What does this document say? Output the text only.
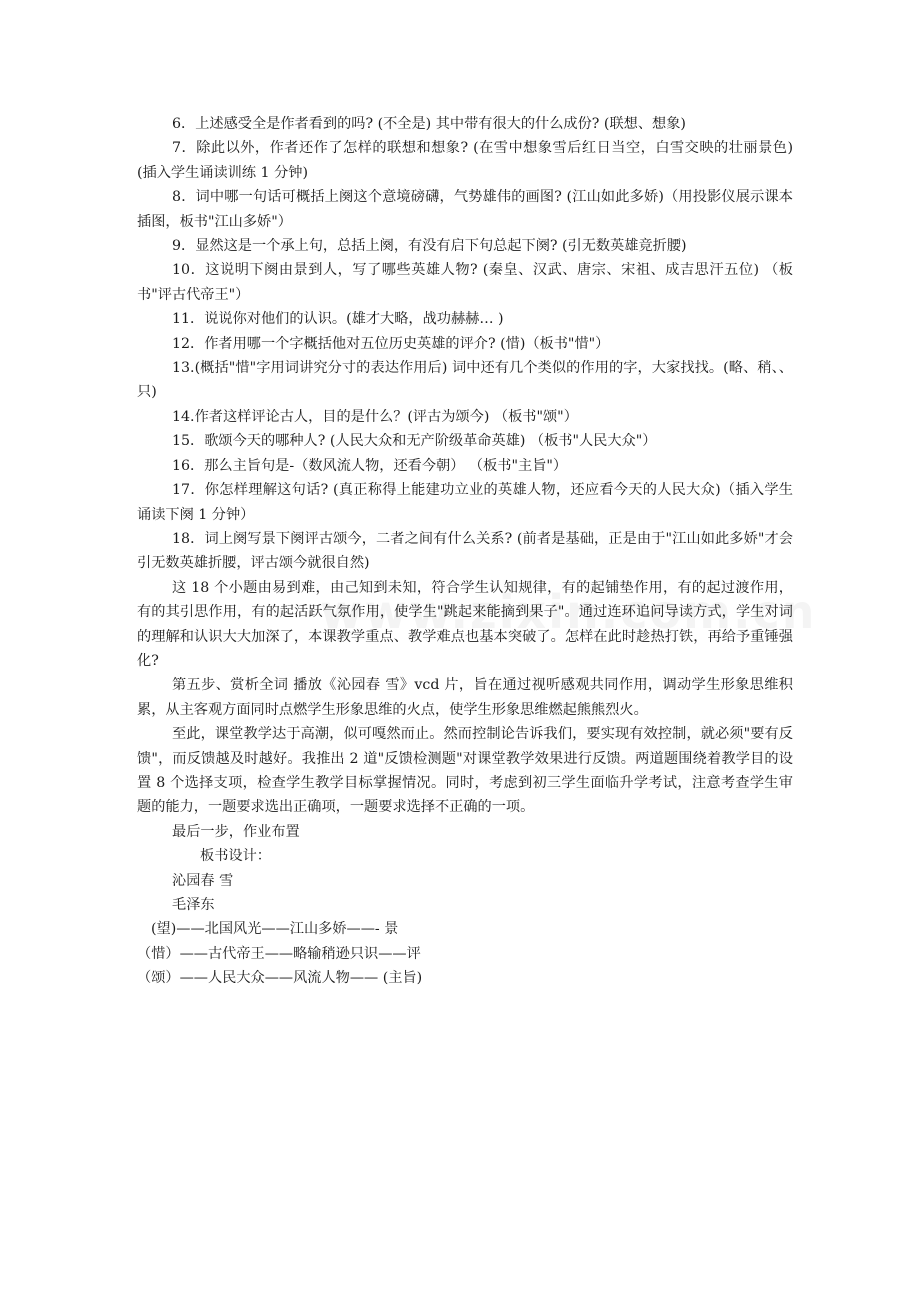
6．上述感受全是作者看到的吗? (不全是) 其中带有很大的什么成份? (联想、想象)

7．除此以外，作者还作了怎样的联想和想象? (在雪中想象雪后红日当空，白雪交映的壮丽景色) (插入学生诵读训练 1 分钟)

8．词中哪一句话可概括上阕这个意境磅礴，气势雄伟的画图? (江山如此多娇)（用投影仪展示课本插图，板书"江山多娇"）

9．显然这是一个承上句，总括上阕，有没有启下句总起下阕? (引无数英雄竞折腰)

10．这说明下阕由景到人，写了哪些英雄人物? (秦皇、汉武、唐宗、宋祖、成吉思汗五位) （板书"评古代帝王"）

11．说说你对他们的认识。(雄才大略，战功赫赫… )

12．作者用哪一个字概括他对五位历史英雄的评介? (惜)（板书"惜"）

13.(概括"惜"字用词讲究分寸的表达作用后) 词中还有几个类似的作用的字，大家找找。(略、稍、、只)

14.作者这样评论古人，目的是什么？(评古为颂今) （板书"颂"）

15．歌颂今天的哪种人? (人民大众和无产阶级革命英雄) （板书"人民大众"）

16．那么主旨句是-（数风流人物，还看今朝） （板书"主旨"）

17．你怎样理解这句话? (真正称得上能建功立业的英雄人物，还应看今天的人民大众)（插入学生诵读下阕 1 分钟）

18．词上阕写景下阕评古颂今，二者之间有什么关系? (前者是基础，正是由于"江山如此多娇"才会引无数英雄折腰，评古颂今就很自然)

这 18 个小题由易到难，由己知到未知，符合学生认知规律，有的起铺垫作用，有的起过渡作用，有的其引思作用，有的起活跃气氛作用，使学生"跳起来能摘到果子"。通过连环追问导读方式，学生对词的理解和认识大大加深了，本课教学重点、教学难点也基本突破了。怎样在此时趁热打铁，再给予重锤强化?

第五步、赏析全词 播放《沁园春 雪》vcd 片，旨在通过视听感观共同作用，调动学生形象思维积累，从主客观方面同时点燃学生形象思维的火点，使学生形象思维燃起熊熊烈火。

至此，课堂教学达于高潮，似可嘎然而止。然而控制论告诉我们，要实现有效控制，就必须"要有反馈"，而反馈越及时越好。我推出 2 道"反馈检测题"对课堂教学效果进行反馈。两道题围绕着教学目的设置 8 个选择支项，检查学生教学目标掌握情况。同时，考虑到初三学生面临升学考试，注意考查学生审题的能力，一题要求选出正确项，一题要求选择不正确的一项。

最后一步，作业布置

板书设计：

沁园春 雪

毛泽东

(望)——北国风光——江山多娇——- 景

（惜）——古代帝王——略输稍逊只识——评

（颂）——人民大众——风流人物—— (主旨)
